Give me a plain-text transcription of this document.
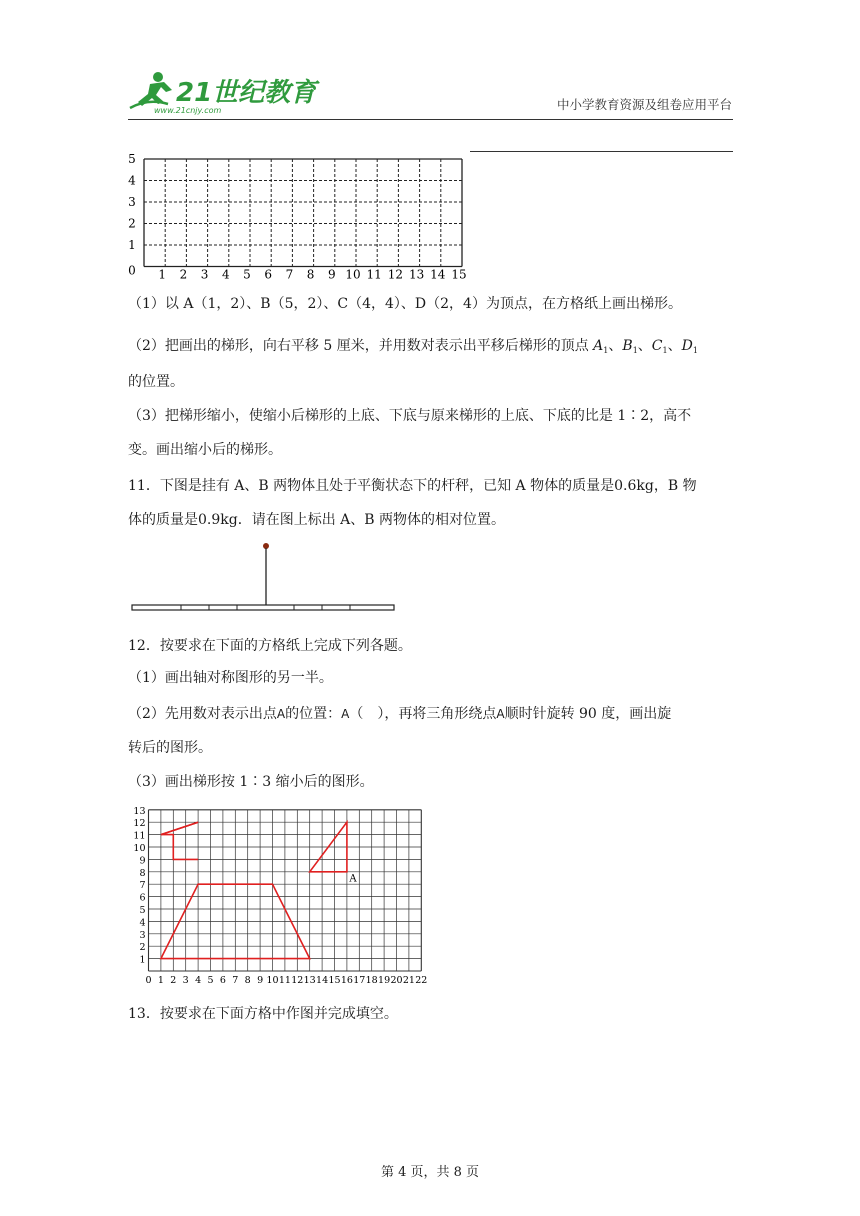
21世纪教育
www.21cnjy.com	中小学教育资源及组卷应用平台
1 2 3 4 5 6 7 8 9 10 11 12 13 14 15
5
4
3
2
1
0
（1）以 A（1，2）、B（5，2）、C（4，4）、D（2，4）为顶点，在方格纸上画出梯形。
（2）把画出的梯形，向右平移 5 厘米，并用数对表示出平移后梯形的顶点 $A_1$、$B_1$、$C_1$、$D_1$
的位置。
（3）把梯形缩小，使缩小后梯形的上底、下底与原来梯形的上底、下底的比是 1∶2，高不
变。画出缩小后的梯形。
11．下图是挂有 A、B 两物体且处于平衡状态下的杆秤，已知 A 物体的质量是0.6kg，B 物
体的质量是0.9kg．请在图上标出 A、B 两物体的相对位置。
12．按要求在下面的方格纸上完成下列各题。
（1）画出轴对称图形的另一半。
（2）先用数对表示出点A的位置：A（　），再将三角形绕点A顺时针旋转 90 度，画出旋
转后的图形。
（3）画出梯形按 1∶3 缩小后的图形。
0 1 2 3 4 5 6 7 8 9 10 11 12 13 14 15 16 17 18 19 20 21 22
13
12
11
10
9
8
7
6
5
4
3
2
1
A
13．按要求在下面方格中作图并完成填空。
第 4 页，共 8 页
